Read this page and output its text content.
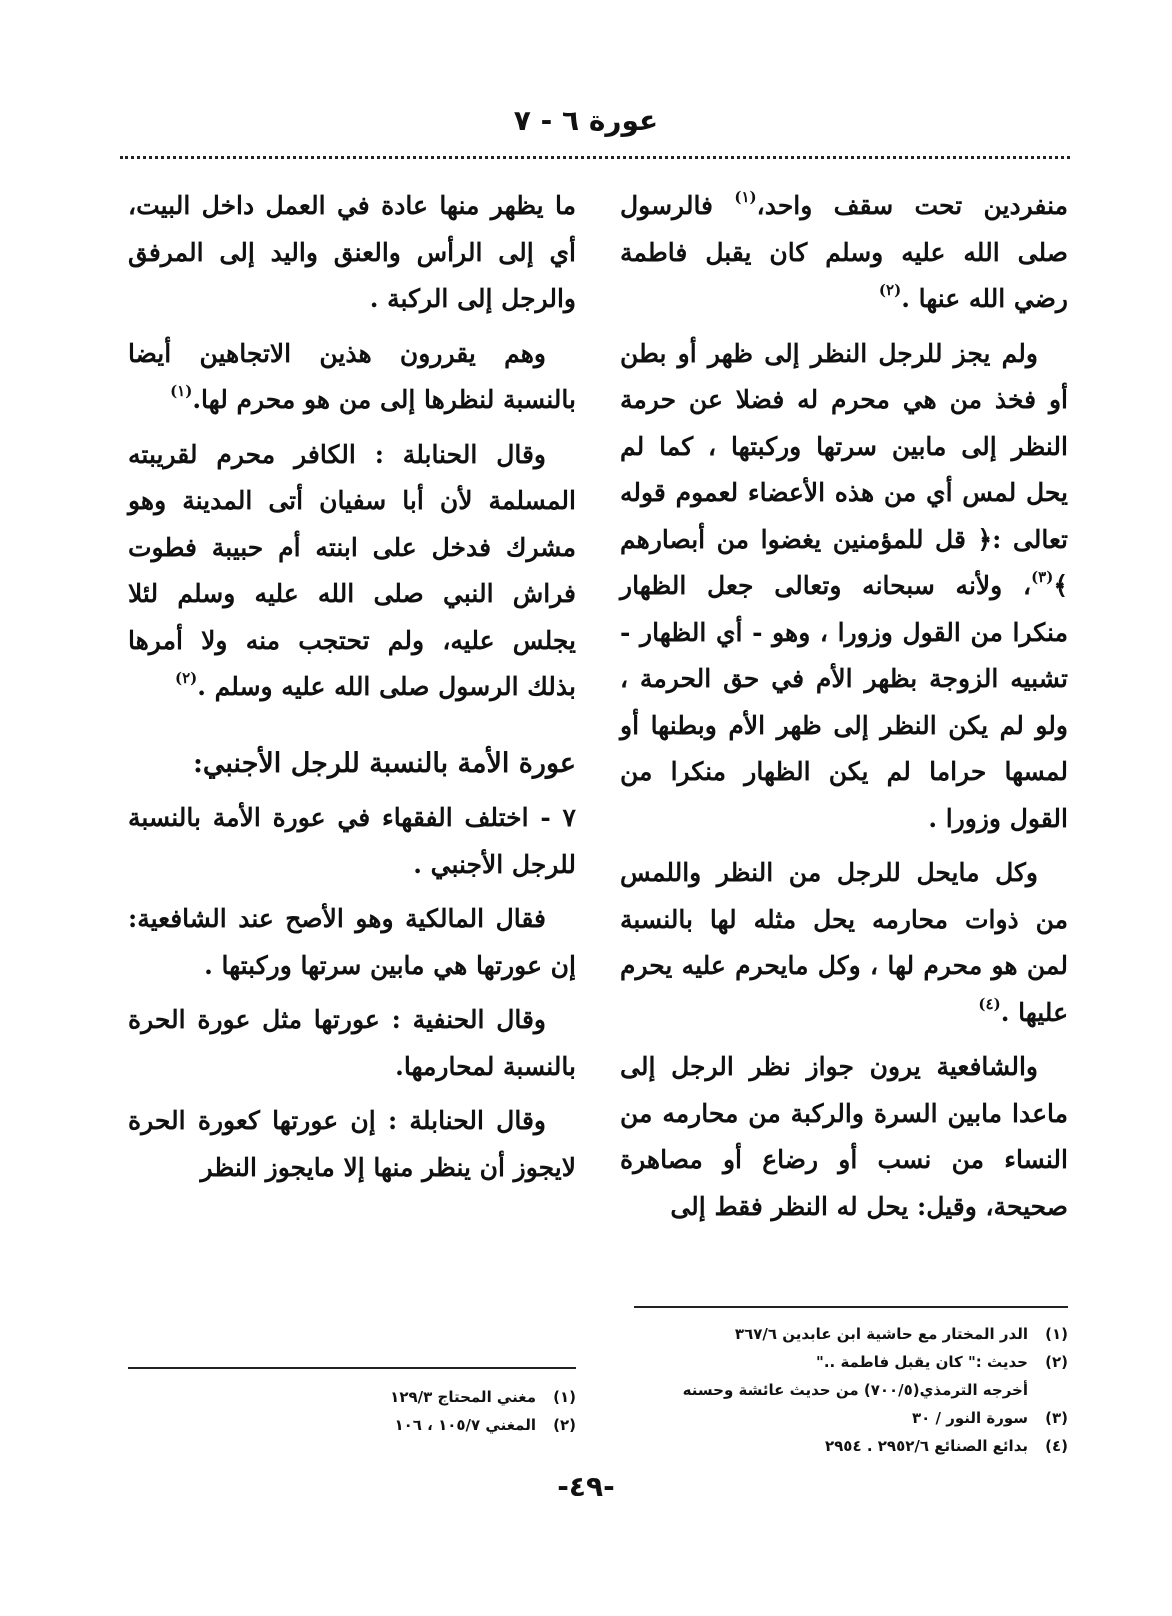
عورة ٦ - ٧

منفردين تحت سقف واحد،$^{(١)}$ فالرسول صلى الله عليه وسلم كان يقبل فاطمة رضي الله عنها .$^{(٢)}$

ولم يجز للرجل النظر إلى ظهر أو بطن أو فخذ من هي محرم له فضلا عن حرمة النظر إلى مابين سرتها وركبتها ، كما لم يحل لمس أي من هذه الأعضاء لعموم قوله تعالى :﴿ قل للمؤمنين يغضوا من أبصارهم ﴾$^{(٣)}$، ولأنه سبحانه وتعالى جعل الظهار منكرا من القول وزورا ، وهو - أي الظهار - تشبيه الزوجة بظهر الأم في حق الحرمة ، ولو لم يكن النظر إلى ظهر الأم وبطنها أو لمسها حراما لم يكن الظهار منكرا من القول وزورا .

وكل مايحل للرجل من النظر واللمس من ذوات محارمه يحل مثله لها بالنسبة لمن هو محرم لها ، وكل مايحرم عليه يحرم عليها .$^{(٤)}$

والشافعية يرون جواز نظر الرجل إلى ماعدا مابين السرة والركبة من محارمه من النساء من نسب أو رضاع أو مصاهرة صحيحة، وقيل: يحل له النظر فقط إلى

ما يظهر منها عادة في العمل داخل البيت، أي إلى الرأس والعنق واليد إلى المرفق والرجل إلى الركبة .

وهم يقررون هذين الاتجاهين أيضا بالنسبة لنظرها إلى من هو محرم لها.$^{(١)}$

وقال الحنابلة : الكافر محرم لقريبته المسلمة لأن أبا سفيان أتى المدينة وهو مشرك فدخل على ابنته أم حبيبة فطوت فراش النبي صلى الله عليه وسلم لئلا يجلس عليه، ولم تحتجب منه ولا أمرها بذلك الرسول صلى الله عليه وسلم .$^{(٢)}$

عورة الأمة بالنسبة للرجل الأجنبي:

٧ - اختلف الفقهاء في عورة الأمة بالنسبة للرجل الأجنبي .

فقال المالكية وهو الأصح عند الشافعية: إن عورتها هي مابين سرتها وركبتها .

وقال الحنفية : عورتها مثل عورة الحرة بالنسبة لمحارمها.

وقال الحنابلة : إن عورتها كعورة الحرة لايجوز أن ينظر منها إلا مايجوز النظر

(١)الدر المختار مع حاشية ابن عابدين ٣٦٧/٦
(٢)حديث :" كان يقبل فاطمة .."
أخرجه الترمذي(٧٠٠/٥) من حديث عائشة وحسنه
(٣)سورة النور / ٣٠
(٤)بدائع الصنائع ٢٩٥٢/٦ . ٢٩٥٤
(١)مغني المحتاج ١٢٩/٣
(٢)المغني ١٠٥/٧ ، ١٠٦
-٤٩-
